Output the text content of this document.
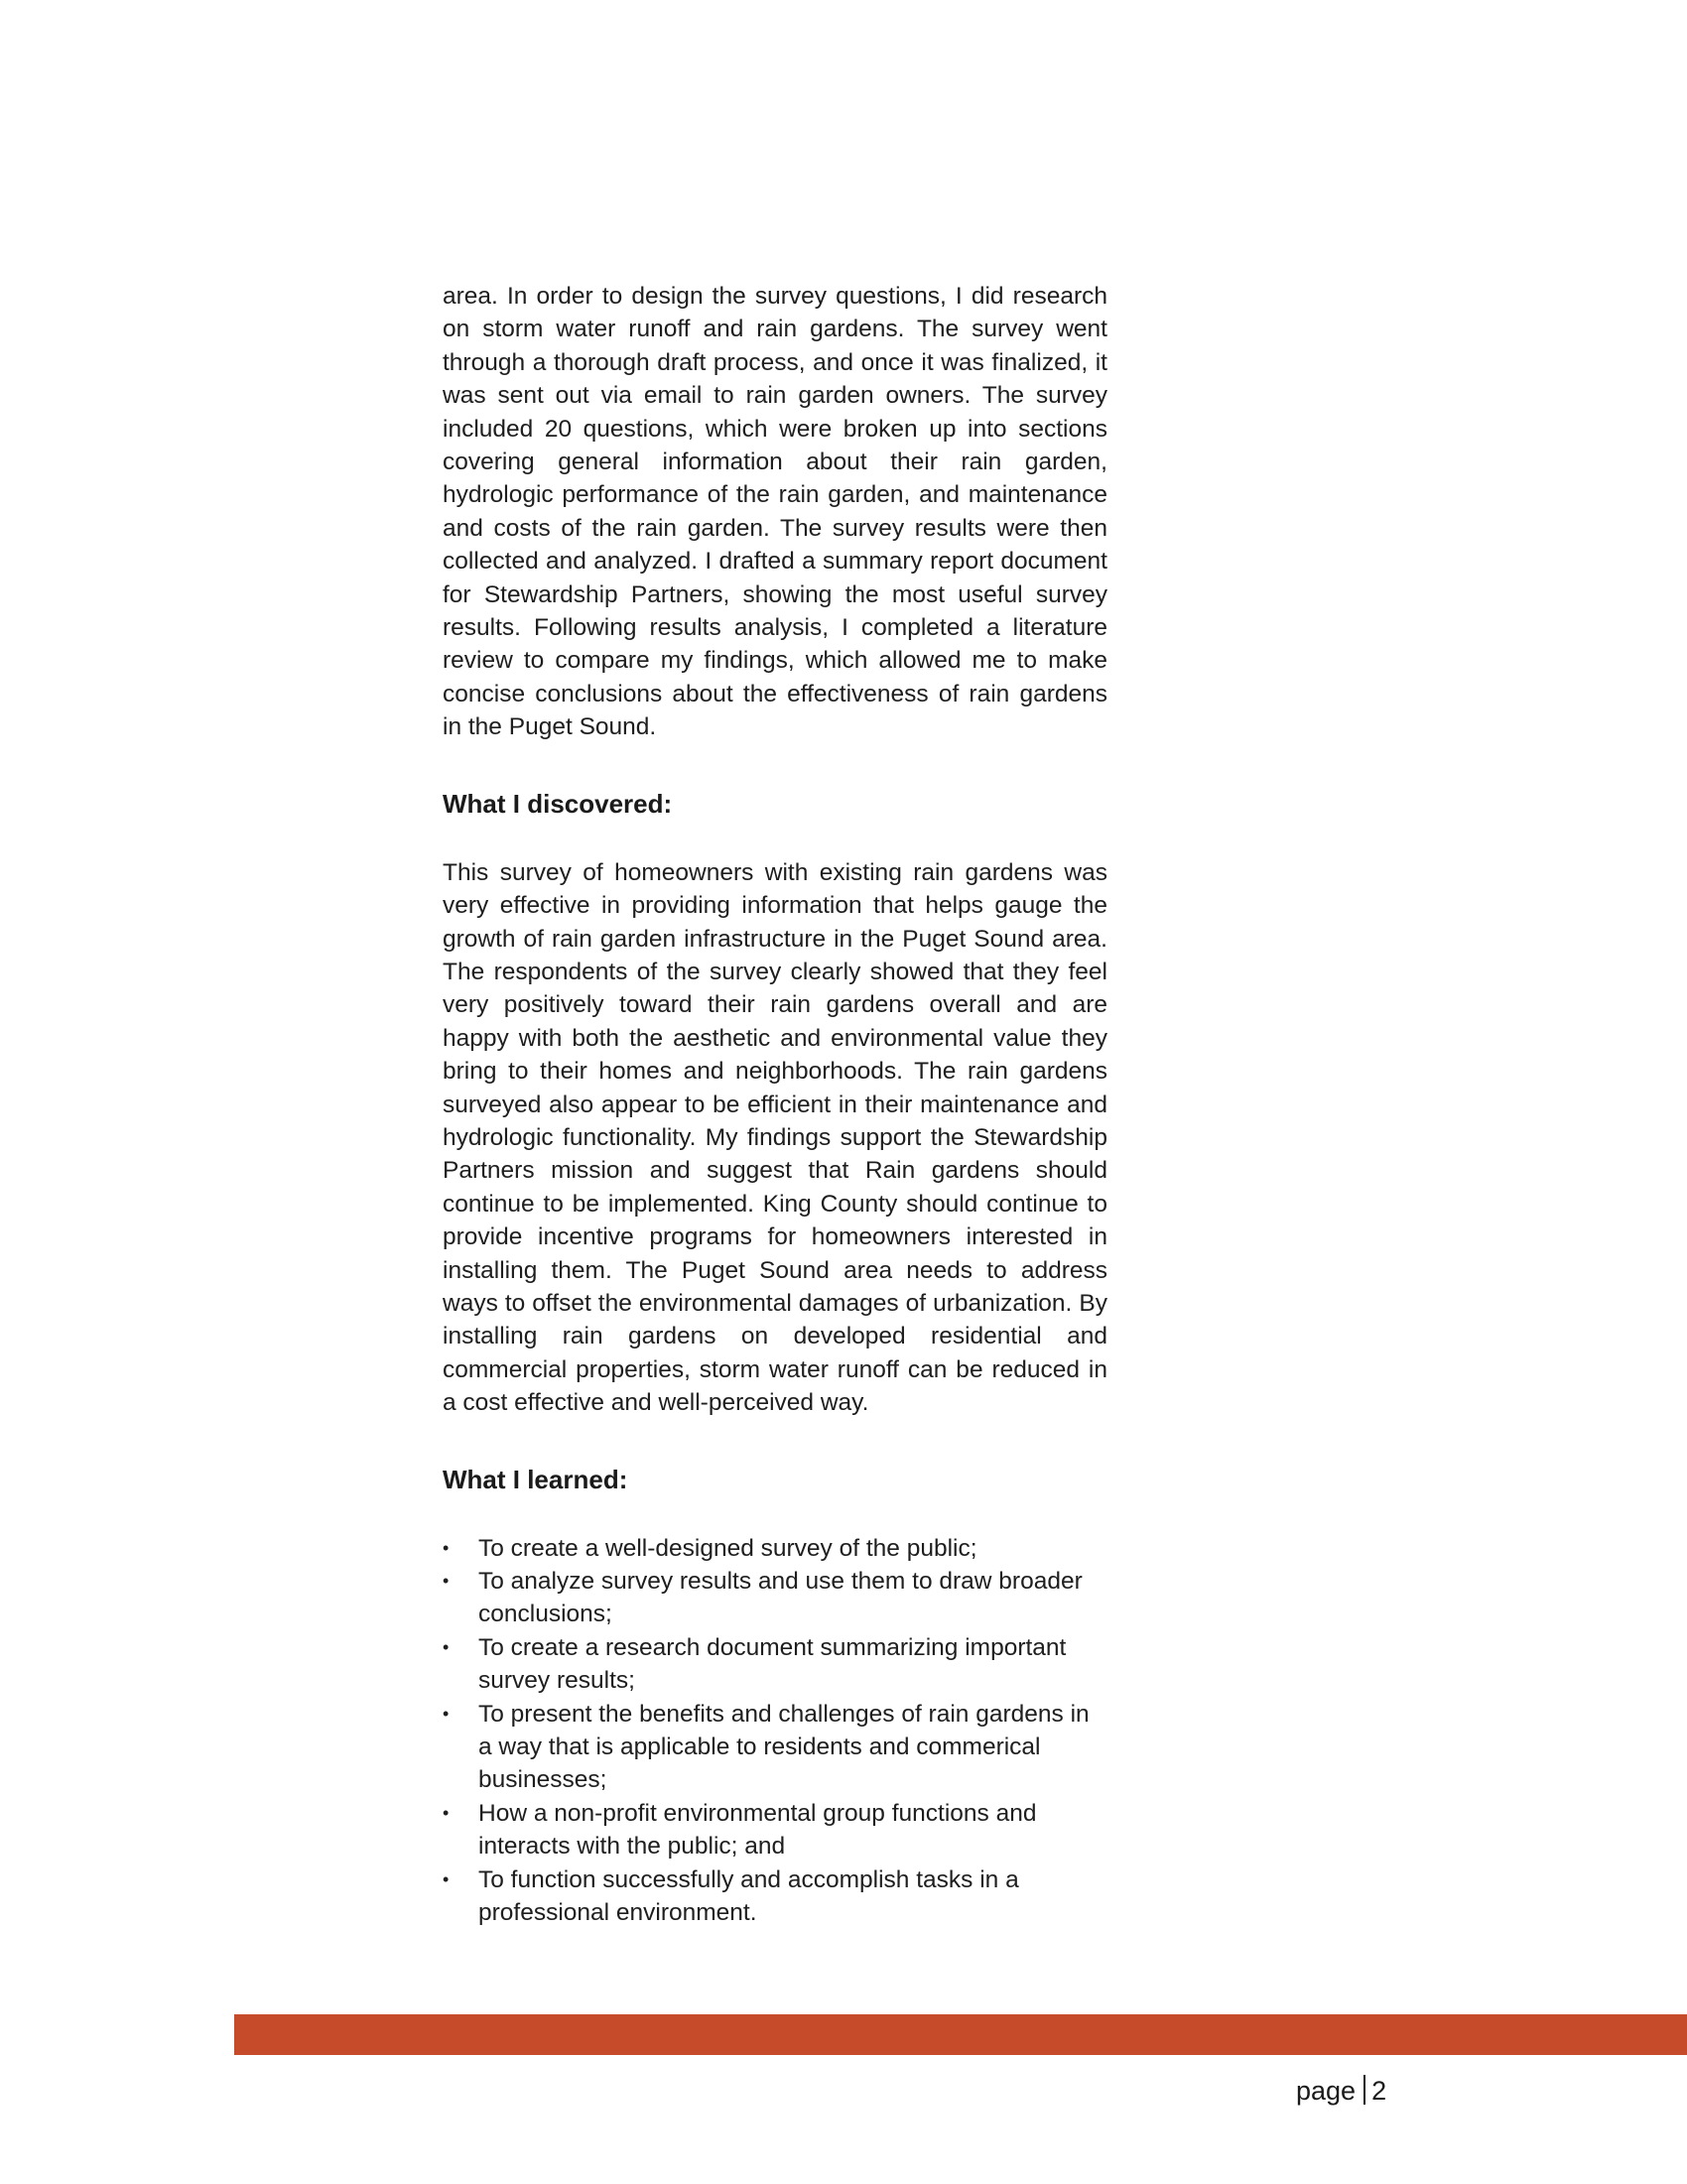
area. In order to design the survey questions, I did research on storm water runoff and rain gardens. The survey went through a thorough draft process, and once it was finalized, it was sent out via email to rain garden owners. The survey included 20 questions, which were broken up into sections covering general information about their rain garden, hydrologic performance of the rain garden, and maintenance and costs of the rain garden. The survey results were then collected and analyzed. I drafted a summary report document for Stewardship Partners, showing the most useful survey results. Following results analysis, I completed a literature review to compare my findings, which allowed me to make concise conclusions about the effectiveness of rain gardens in the Puget Sound.

What I discovered:

This survey of homeowners with existing rain gardens was very effective in providing information that helps gauge the growth of rain garden infrastructure in the Puget Sound area. The respondents of the survey clearly showed that they feel very positively toward their rain gardens overall and are happy with both the aesthetic and environmental value they bring to their homes and neighborhoods. The rain gardens surveyed also appear to be efficient in their maintenance and hydrologic functionality. My findings support the Stewardship Partners mission and suggest that Rain gardens should continue to be implemented. King County should continue to provide incentive programs for homeowners interested in installing them. The Puget Sound area needs to address ways to offset the environmental damages of urbanization. By installing rain gardens on developed residential and commercial properties, storm water runoff can be reduced in a cost effective and well-perceived way.

What I learned:
• To create a well-designed survey of the public;
• To analyze survey results and use them to draw broader conclusions;
• To create a research document summarizing important survey results;
• To present the benefits and challenges of rain gardens in a way that is applicable to residents and commerical businesses;
• How a non-profit environmental group functions and interacts with the public; and
• To function successfully and accomplish tasks in a professional environment.
page 2
